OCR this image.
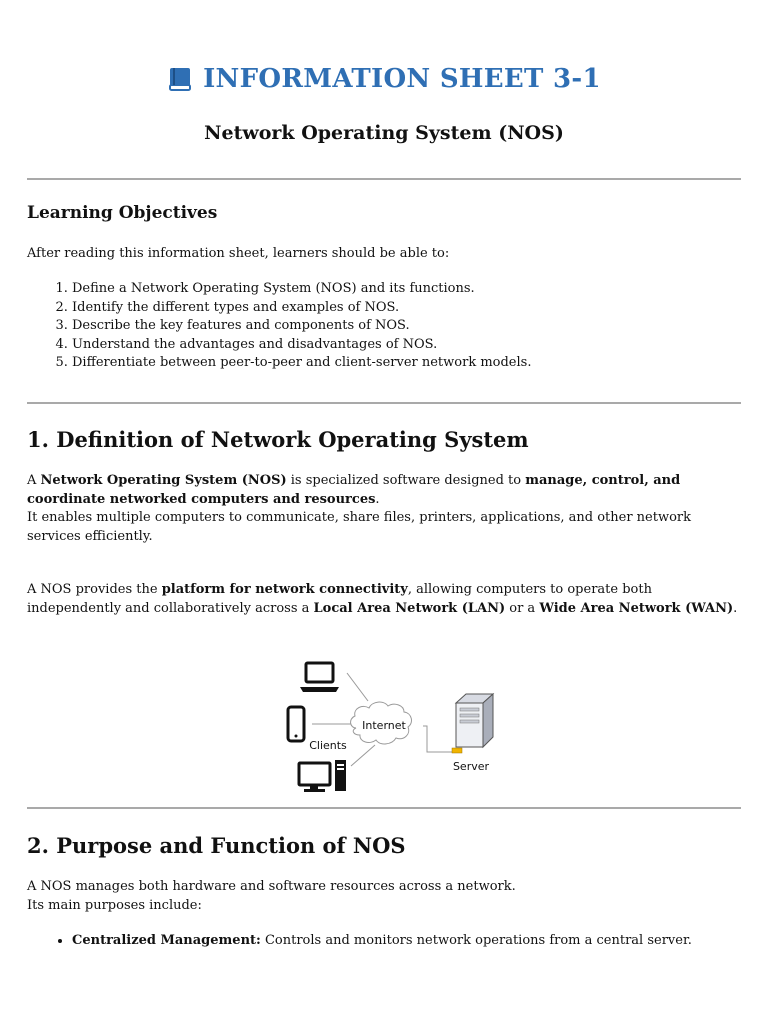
INFORMATION SHEET 3-1
Network Operating System (NOS)
Learning Objectives
After reading this information sheet, learners should be able to:
1. Define a Network Operating System (NOS) and its functions.
2. Identify the different types and examples of NOS.
3. Describe the key features and components of NOS.
4. Understand the advantages and disadvantages of NOS.
5. Differentiate between peer-to-peer and client-server network models.
1. Definition of Network Operating System
A Network Operating System (NOS) is specialized software designed to manage, control, and coordinate networked computers and resources.
It enables multiple computers to communicate, share files, printers, applications, and other network services efficiently.
A NOS provides the platform for network connectivity, allowing computers to operate both independently and collaboratively across a Local Area Network (LAN) or a Wide Area Network (WAN).
Internet
Clients
Server
2. Purpose and Function of NOS
A NOS manages both hardware and software resources across a network.
Its main purposes include:
• Centralized Management: Controls and monitors network operations from a central server.
